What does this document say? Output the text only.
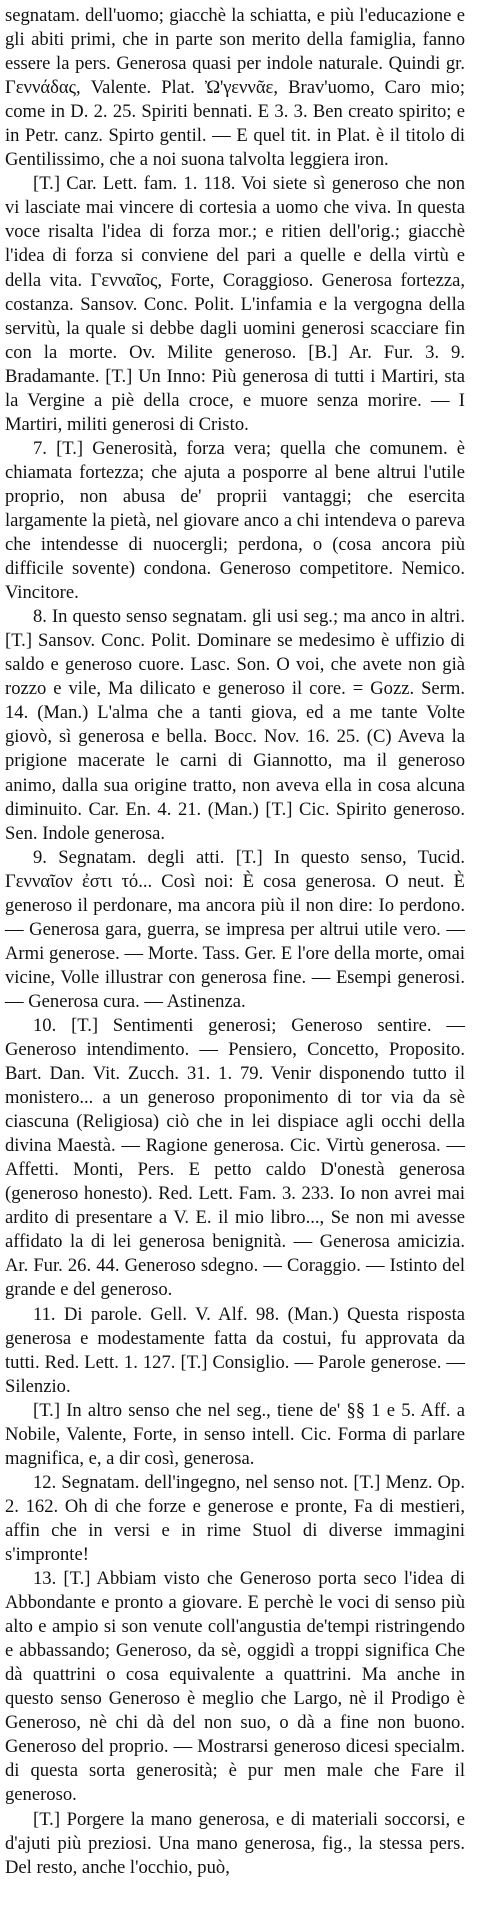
segnatam. dell'uomo; giacchè la schiatta, e più l'educazione e gli abiti primi, che in parte son merito della famiglia, fanno essere la pers. Generosa quasi per indole naturale. Quindi gr. Γεννάδας, Valente. Plat. Ὠ'γεννᾶε, Brav'uomo, Caro mio; come in D. 2. 25. Spiriti bennati. E 3. 3. Ben creato spirito; e in Petr. canz. Spirto gentil. — E quel tit. in Plat. è il titolo di Gentilissimo, che a noi suona talvolta leggiera iron.

[T.] Car. Lett. fam. 1. 118. Voi siete sì generoso che non vi lasciate mai vincere di cortesia a uomo che viva. In questa voce risalta l'idea di forza mor.; e ritien dell'orig.; giacchè l'idea di forza si conviene del pari a quelle e della virtù e della vita. Γενναῖος, Forte, Coraggioso. Generosa fortezza, costanza. Sansov. Conc. Polit. L'infamia e la vergogna della servitù, la quale si debbe dagli uomini generosi scacciare fin con la morte. Ov. Milite generoso. [B.] Ar. Fur. 3. 9. Bradamante. [T.] Un Inno: Più generosa di tutti i Martiri, sta la Vergine a piè della croce, e muore senza morire. — I Martiri, militi generosi di Cristo.

7. [T.] Generosità, forza vera; quella che comunem. è chiamata fortezza; che ajuta a posporre al bene altrui l'utile proprio, non abusa de' proprii vantaggi; che esercita largamente la pietà, nel giovare anco a chi intendeva o pareva che intendesse di nuocergli; perdona, o (cosa ancora più difficile sovente) condona. Generoso competitore. Nemico. Vincitore.

8. In questo senso segnatam. gli usi seg.; ma anco in altri. [T.] Sansov. Conc. Polit. Dominare se medesimo è uffizio di saldo e generoso cuore. Lasc. Son. O voi, che avete non già rozzo e vile, Ma dilicato e generoso il core. = Gozz. Serm. 14. (Man.) L'alma che a tanti giova, ed a me tante Volte giovò, sì generosa e bella. Bocc. Nov. 16. 25. (C) Aveva la prigione macerate le carni di Giannotto, ma il generoso animo, dalla sua origine tratto, non aveva ella in cosa alcuna diminuito. Car. En. 4. 21. (Man.) [T.] Cic. Spirito generoso. Sen. Indole generosa.

9. Segnatam. degli atti. [T.] In questo senso, Tucid. Γενναῖον ἐστι τό... Così noi: È cosa generosa. O neut. È generoso il perdonare, ma ancora più il non dire: Io perdono. — Generosa gara, guerra, se impresa per altrui utile vero. — Armi generose. — Morte. Tass. Ger. E l'ore della morte, omai vicine, Volle illustrar con generosa fine. — Esempi generosi. — Generosa cura. — Astinenza.

10. [T.] Sentimenti generosi; Generoso sentire. — Generoso intendimento. — Pensiero, Concetto, Proposito. Bart. Dan. Vit. Zucch. 31. 1. 79. Venir disponendo tutto il monistero... a un generoso proponimento di tor via da sè ciascuna (Religiosa) ciò che in lei dispiace agli occhi della divina Maestà. — Ragione generosa. Cic. Virtù generosa. — Affetti. Monti, Pers. E petto caldo D'onestà generosa (generoso honesto). Red. Lett. Fam. 3. 233. Io non avrei mai ardito di presentare a V. E. il mio libro..., Se non mi avesse affidato la di lei generosa benignità. — Generosa amicizia. Ar. Fur. 26. 44. Generoso sdegno. — Coraggio. — Istinto del grande e del generoso.

11. Di parole. Gell. V. Alf. 98. (Man.) Questa risposta generosa e modestamente fatta da costui, fu approvata da tutti. Red. Lett. 1. 127. [T.] Consiglio. — Parole generose. — Silenzio.

[T.] In altro senso che nel seg., tiene de' §§ 1 e 5. Aff. a Nobile, Valente, Forte, in senso intell. Cic. Forma di parlare magnifica, e, a dir così, generosa.

12. Segnatam. dell'ingegno, nel senso not. [T.] Menz. Op. 2. 162. Oh di che forze e generose e pronte, Fa di mestieri, affin che in versi e in rime Stuol di diverse immagini s'impronte!

13. [T.] Abbiam visto che Generoso porta seco l'idea di Abbondante e pronto a giovare. E perchè le voci di senso più alto e ampio si son venute coll'angustia de'tempi ristringendo e abbassando; Generoso, da sè, oggidì a troppi significa Che dà quattrini o cosa equivalente a quattrini. Ma anche in questo senso Generoso è meglio che Largo, nè il Prodigo è Generoso, nè chi dà del non suo, o dà a fine non buono. Generoso del proprio. — Mostrarsi generoso dicesi specialm. di questa sorta generosità; è pur men male che Fare il generoso.

[T.] Porgere la mano generosa, e di materiali soccorsi, e d'ajuti più preziosi. Una mano generosa, fig., la stessa pers. Del resto, anche l'occhio, può,
